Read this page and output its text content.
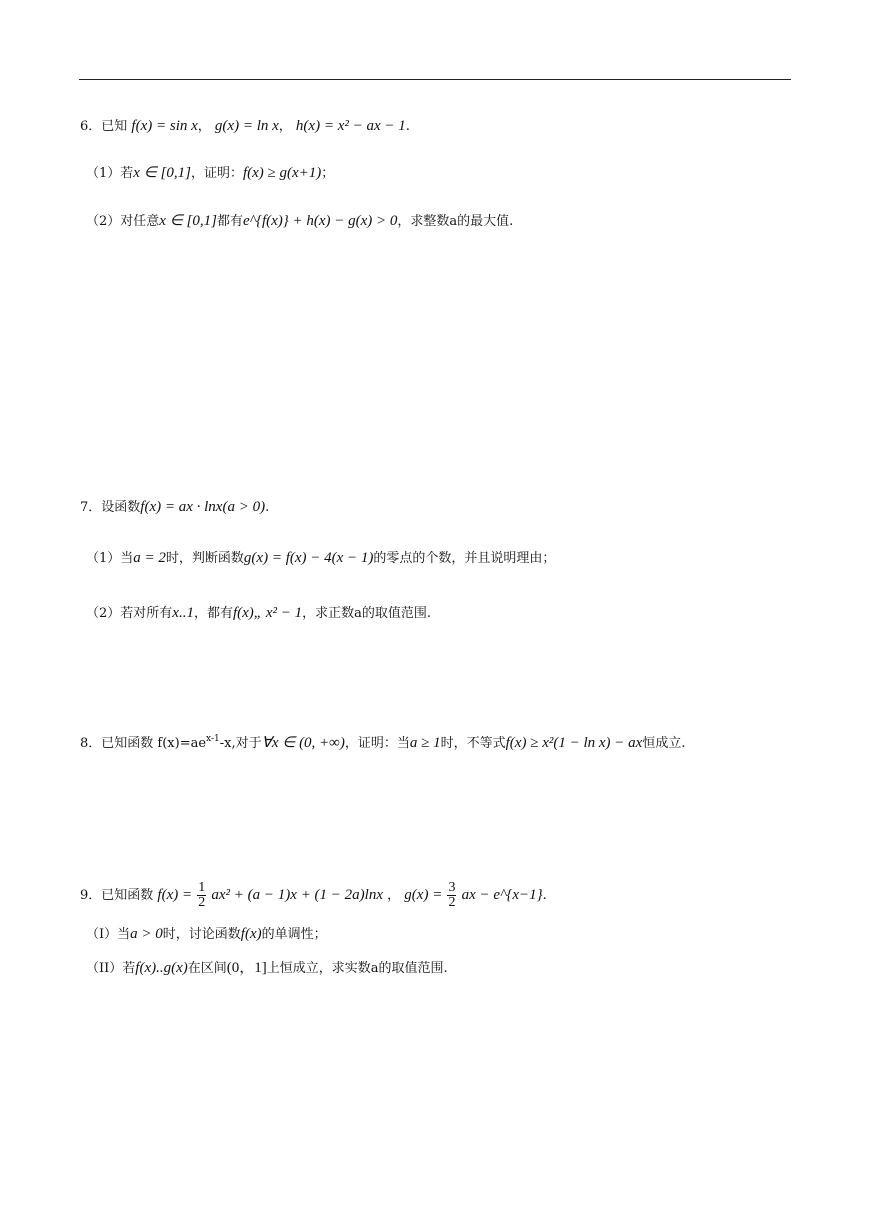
6．已知 f(x) = sin x， g(x) = ln x， h(x) = x² − ax − 1.
（1）若x ∈ [0,1]，证明：f(x) ≥ g(x+1)；
（2）对任意x ∈ [0,1]都有e^{f(x)} + h(x) − g(x) > 0，求整数a的最大值.
7．设函数f(x) = ax · lnx(a > 0).
（1）当a = 2时，判断函数g(x) = f(x) − 4(x − 1)的零点的个数，并且说明理由；
（2）若对所有x..1，都有f(x)„ x² − 1，求正数a的取值范围.
8．已知函数 $f(x)=ae^{x-1}-x$,对于∀x ∈ (0, +∞)，证明：当a ≥ 1时，不等式f(x) ≥ x²(1 − ln x) − ax恒成立.
9．已知函数 $f(x) = \frac{1}{2} ax^2 + (a - 1)x + (1 - 2a)\ln x$ ， $g(x) = \frac{3}{2}$ ax − e^{x−1}.
（I）当a > 0时，讨论函数f(x)的单调性；
（II）若f(x)..g(x)在区间(0，1]上恒成立，求实数a的取值范围.
